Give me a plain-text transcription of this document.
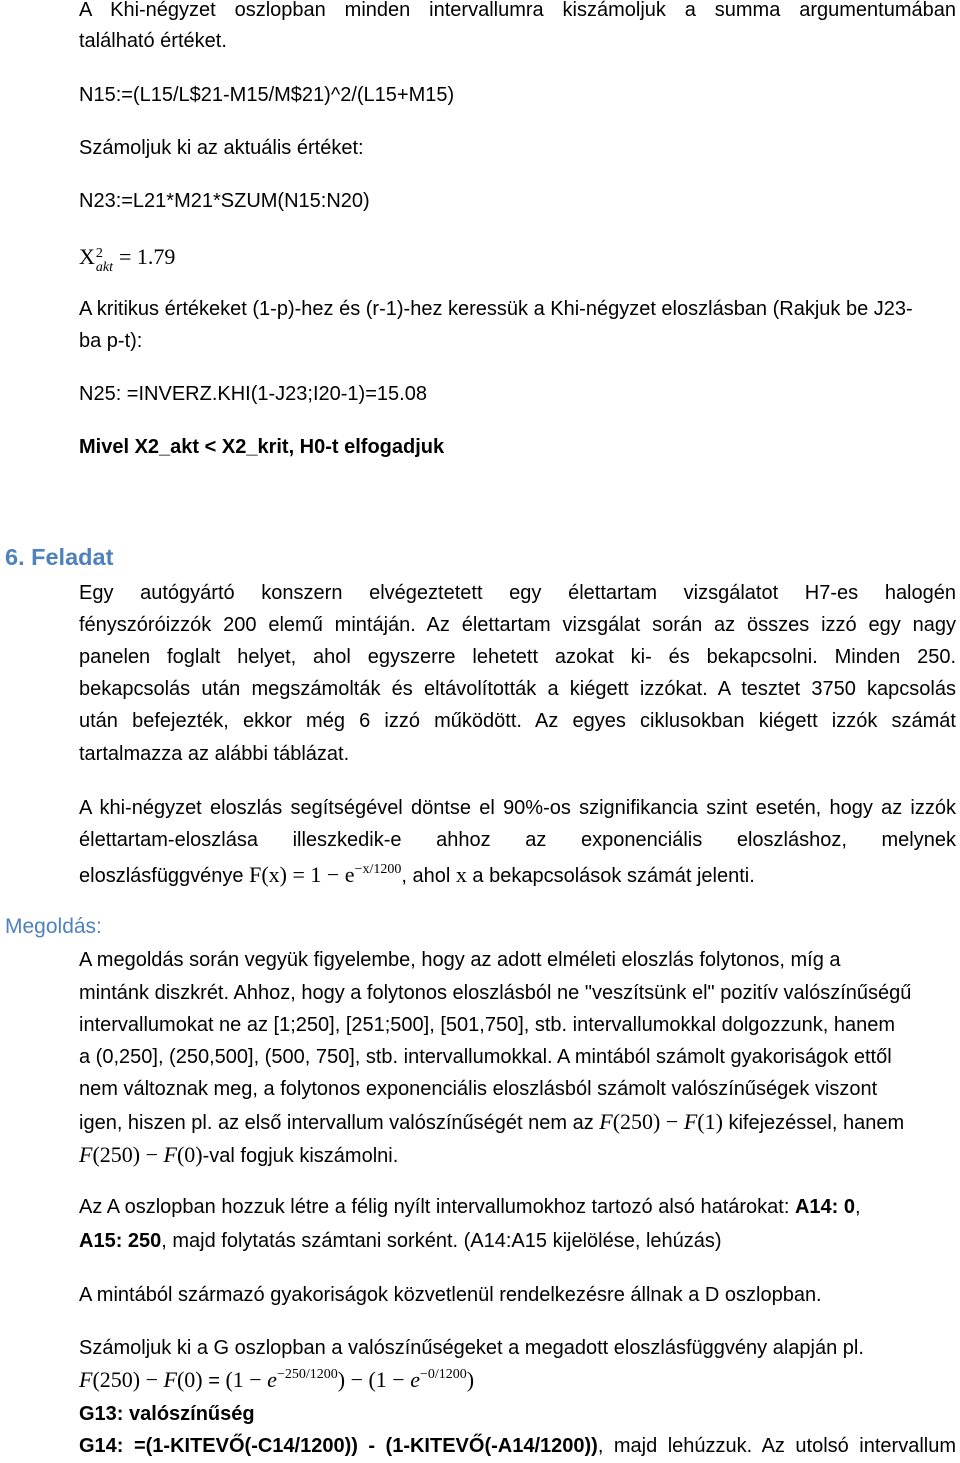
A Khi-négyzet oszlopban minden intervallumra kiszámoljuk a summa argumentumában
található értéket.
N15:=(L15/L$21-M15/M$21)^2/(L15+M15)
Számoljuk ki az aktuális értéket:
N23:=L21*M21*SZUM(N15:N20)
X 2
akt = 1.79
A kritikus értékeket (1-p)-hez és (r-1)-hez keressük a Khi-négyzet eloszlásban (Rakjuk be J23-
ba p-t):
N25: =INVERZ.KHI(1-J23;I20-1)=15.08
Mivel X2_akt < X2_krit, H0-t elfogadjuk
6. Feladat
Egy autógyártó konszern elvégeztetett egy élettartam vizsgálatot H7-es halogén
fényszóróizzók 200 elemű mintáján. Az élettartam vizsgálat során az összes izzó egy nagy
panelen foglalt helyet, ahol egyszerre lehetett azokat ki- és bekapcsolni. Minden 250.
bekapcsolás után megszámolták és eltávolították a kiégett izzókat. A tesztet 3750 kapcsolás
után befejezték, ekkor még 6 izzó működött. Az egyes ciklusokban kiégett izzók számát
tartalmazza az alábbi táblázat.
A khi-négyzet eloszlás segítségével döntse el 90%-os szignifikancia szint esetén, hogy az izzók
élettartam-eloszlása illeszkedik-e ahhoz az exponenciális eloszláshoz, melynek
eloszlásfüggvénye $F(x) = 1 - e^{-x/1200}$, ahol x a bekapcsolások számát jelenti.
Megoldás:
A megoldás során vegyük figyelembe, hogy az adott elméleti eloszlás folytonos, míg a
mintánk diszkrét. Ahhoz, hogy a folytonos eloszlásból ne "veszítsünk el" pozitív valószínűségű
intervallumokat ne az [1;250], [251;500], [501,750], stb. intervallumokkal dolgozzunk, hanem
a (0,250], (250,500], (500, 750], stb. intervallumokkal. A mintából számolt gyakoriságok ettől
nem változnak meg, a folytonos exponenciális eloszlásból számolt valószínűségek viszont
igen, hiszen pl. az első intervallum valószínűségét nem az F(250) − F(1) kifejezéssel, hanem
F(250) − F(0)-val fogjuk kiszámolni.
Az A oszlopban hozzuk létre a félig nyílt intervallumokhoz tartozó alsó határokat: A14: 0,
A15: 250, majd folytatás számtani sorként. (A14:A15 kijelölése, lehúzás)
A mintából származó gyakoriságok közvetlenül rendelkezésre állnak a D oszlopban.
Számoljuk ki a G oszlopban a valószínűségeket a megadott eloszlásfüggvény alapján pl.
$F(250) - F(0) = (1 - e^{-250/1200}) - (1 - e^{-0/1200})$
G13: valószínűség
G14: =(1-KITEVŐ(-C14/1200)) - (1-KITEVŐ(-A14/1200)), majd lehúzzuk. Az utolsó intervallum
